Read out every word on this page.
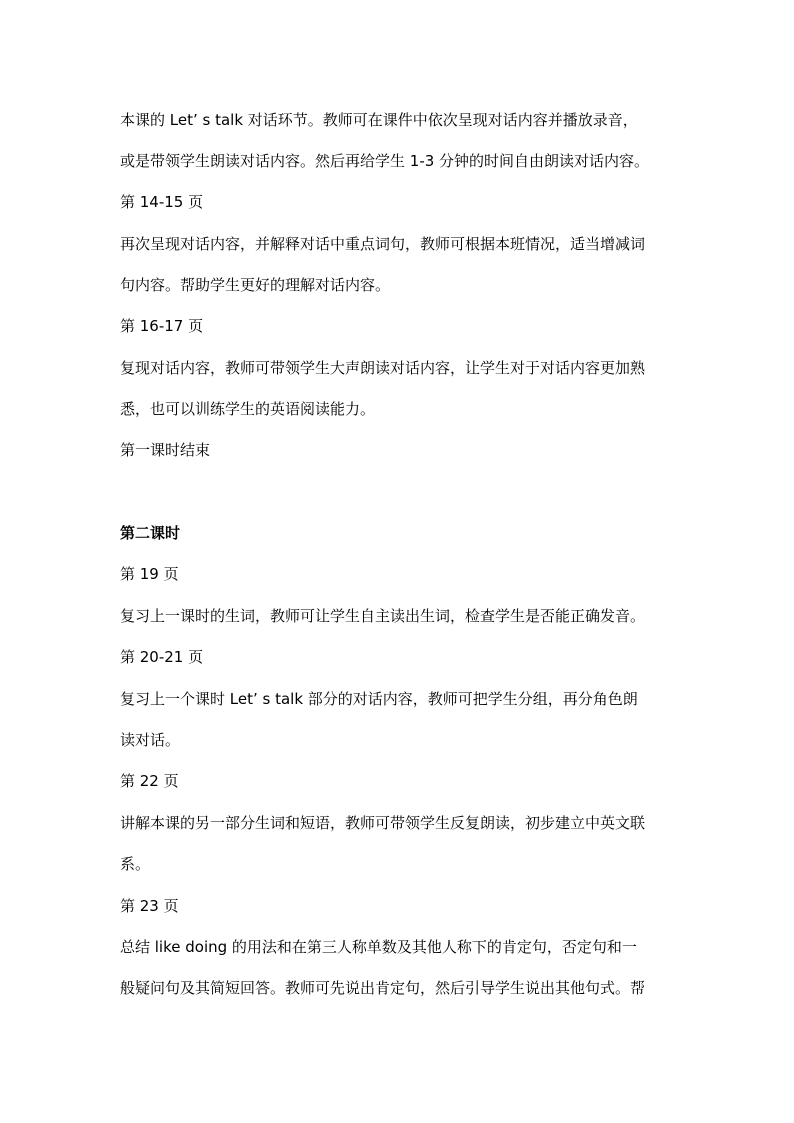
本课的 Let’ s talk 对话环节。教师可在课件中依次呈现对话内容并播放录音，
或是带领学生朗读对话内容。然后再给学生 1-3 分钟的时间自由朗读对话内容。
第 14-15 页
再次呈现对话内容，并解释对话中重点词句，教师可根据本班情况，适当增减词
句内容。帮助学生更好的理解对话内容。
第 16-17 页
复现对话内容，教师可带领学生大声朗读对话内容，让学生对于对话内容更加熟
悉，也可以训练学生的英语阅读能力。
第一课时结束
第二课时
第 19 页
复习上一课时的生词，教师可让学生自主读出生词，检查学生是否能正确发音。
第 20-21 页
复习上一个课时 Let’ s talk 部分的对话内容，教师可把学生分组，再分角色朗
读对话。
第 22 页
讲解本课的另一部分生词和短语，教师可带领学生反复朗读，初步建立中英文联
系。
第 23 页
总结 like doing 的用法和在第三人称单数及其他人称下的肯定句，否定句和一
般疑问句及其简短回答。教师可先说出肯定句，然后引导学生说出其他句式。帮
